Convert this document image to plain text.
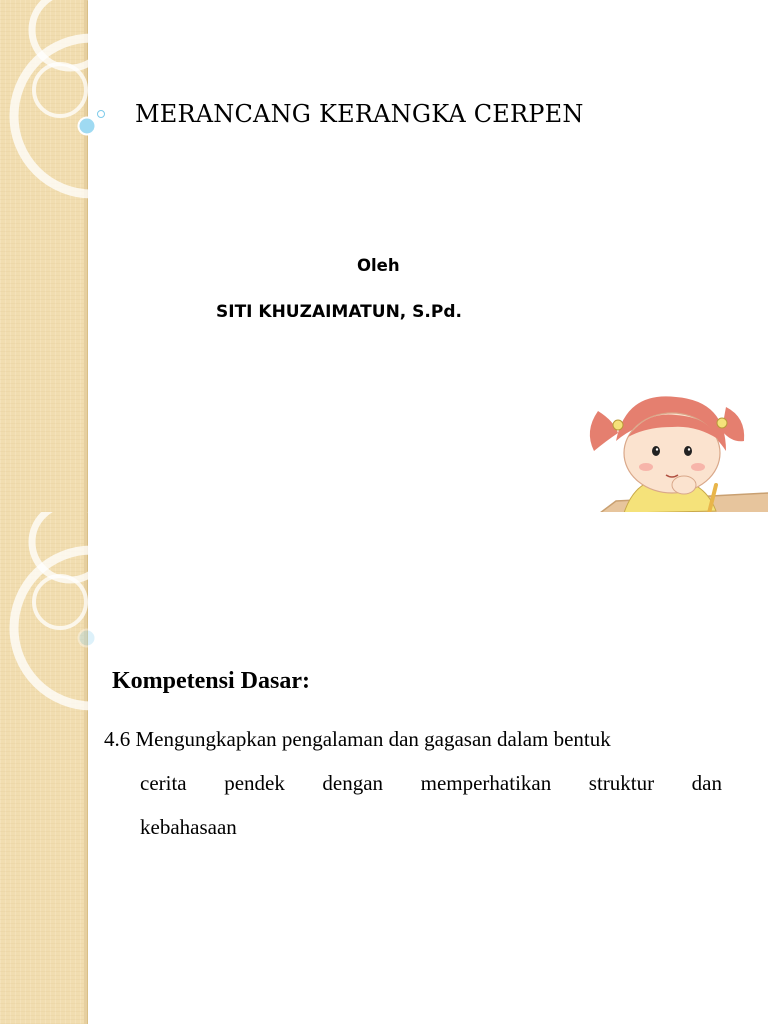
MERANCANG KERANGKA CERPEN
Oleh
SITI KHUZAIMATUN, S.Pd.
Kompetensi Dasar:
4.6 Mengungkapkan pengalaman dan gagasan dalam bentuk
cerita pendek dengan memperhatikan struktur dan
kebahasaan
